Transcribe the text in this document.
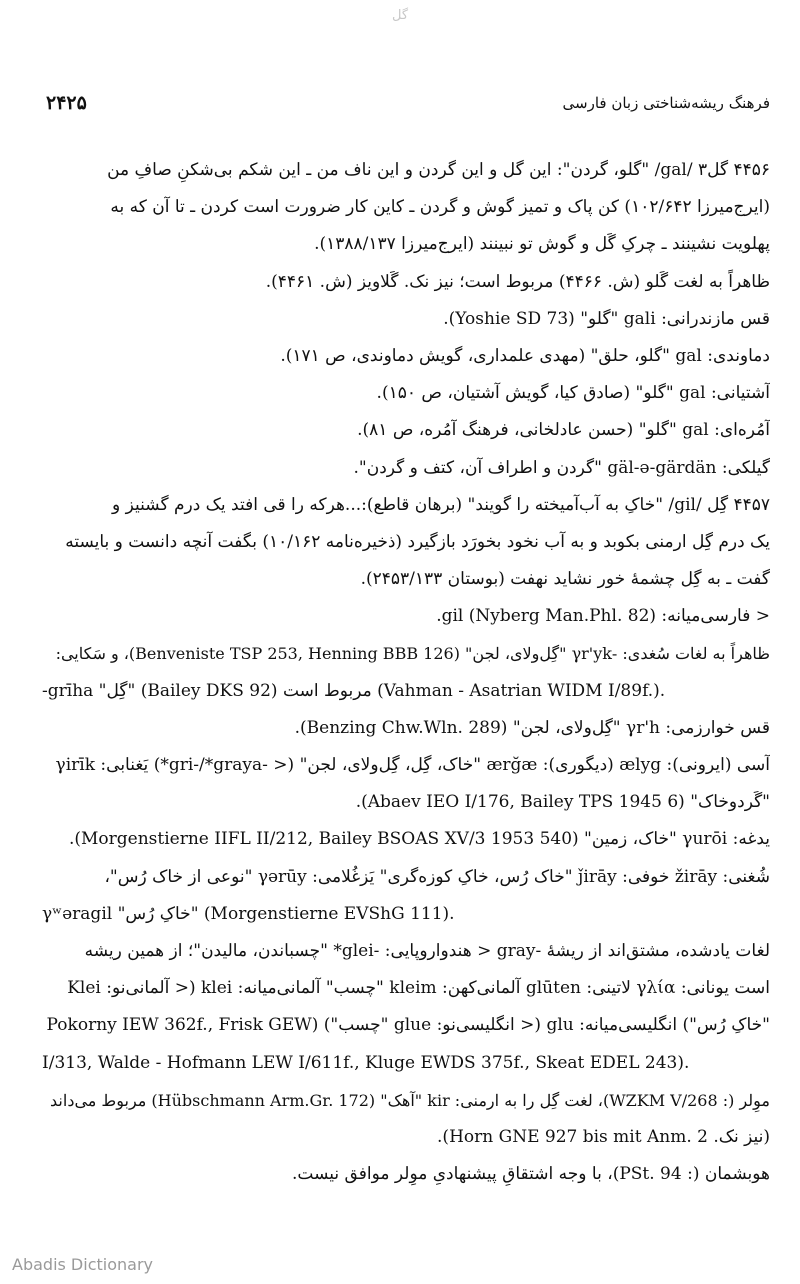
گل
۲۴۲۵	فرهنگ ریشه‌شناختی زبان فارسی
۴۴۵۶ گل۳ /gal/ "گلو، گردن": این گل و این گردن و این ناف من ـ این شکم بی‌شکنِ صافِ من
(ایرج‌میرزا ۱۰۲/۶۴۲) کن پاک و تمیز گوش و گردن ـ کاین کار ضرورت است کردن ـ تا آن که به
پهلویت نشینند ـ چرکِ گَل و گوش تو نبینند (ایرج‌میرزا ۱۳۸۸/۱۳۷).
ظاهراً به لغت گَلو (ش. ۴۴۶۶) مربوط است؛ نیز نک. گَلاویز (ش. ۴۴۶۱).
قس مازندرانی: gali "گلو" (Yoshie SD 73).
دماوندی: gal "گلو، حلق" (مهدی علمداری، گویش دماوندی، ص ۱۷۱).
آشتیانی: gal "گلو" (صادق کیا، گویش آشتیان، ص ۱۵۰).
آمُره‌ای: gal "گلو" (حسن عادلخانی، فرهنگ آمُره، ص ۸۱).
گیلکی: gäl-ə-gärdän "گردن و اطراف آن، کتف و گردن".
۴۴۵۷ گِل /gil/ "خاکِ به آب‌آمیخته را گویند" (برهان قاطع):...هرکه را قی افتد یک درم گشنیز و
یک درم گِل ارمنی بکوبد و به آب نخود بخورَد بازگیرد (ذخیره‌نامه ۱۰/۱۶۲) بگفت آنچه دانست و بایسته
گفت ـ به گِل چشمهٔ خور نشاید نهفت (بوستان ۲۴۵۳/۱۳۳).
< فارسی‌میانه: gil (Nyberg Man.Phl. 82).
ظاهراً به لغات سُغدی: -γr'yk "گِل‌ولای، لجن" (Benveniste TSP 253, Henning BBB 126)، و سَکایی:
-grīha "گِل" (Bailey DKS 92) مربوط است (Vahman - Asatrian WIDM I/89f.).
قس خوارزمی: γr'h "گِل‌ولای، لجن" (Benzing Chw.Wln. 289).
آسی (ایرونی): ælyg (دیگوری): ærğæ "خاک، گِل، گِل‌ولای، لجن" (< -gri-/*graya*) یَغنابی: γirīk
"گَردوخاک" (Abaev IEO I/176, Bailey TPS 1945 6).
یدغه: γurōi "خاک، زمین" (Morgenstierne IIFL II/212, Bailey BSOAS XV/3 1953 540).
شُغنی: žirāy خوفی: ǰirāy "خاک رُس، خاکِ کوزه‌گری" یَزغُلامی: γərūy "نوعی از خاک رُس"،
γʷəragil "خاکِ رُس" (Morgenstierne EVShG 111).
لغات یادشده، مشتق‌اند از ریشهٔ -gray < هندواروپایی: -glei* "چسباندن، مالیدن"؛ از همین ریشه
است یونانی: γλία لاتینی: glūten آلمانی‌کهن: kleim "چسب" آلمانی‌میانه: klei (< آلمانی‌نو: Klei
"خاکِ رُس") انگلیسی‌میانه: glu (< انگلیسی‌نو: glue "چسب") (Pokorny IEW 362f., Frisk GEW
I/313, Walde - Hofmann LEW I/611f., Kluge EWDS 375f., Skeat EDEL 243).
موِلر (: WZKM V/268)، لغت گِل را به ارمنی: kir "آهک" (Hübschmann Arm.Gr. 172) مربوط می‌داند
(نیز نک. Horn GNE 927 bis mit Anm. 2).
هوبشمان (: PSt. 94)، با وجه اشتقاقِ پیشنهادیِ موِلر موافق نیست.
Abadis Dictionary
